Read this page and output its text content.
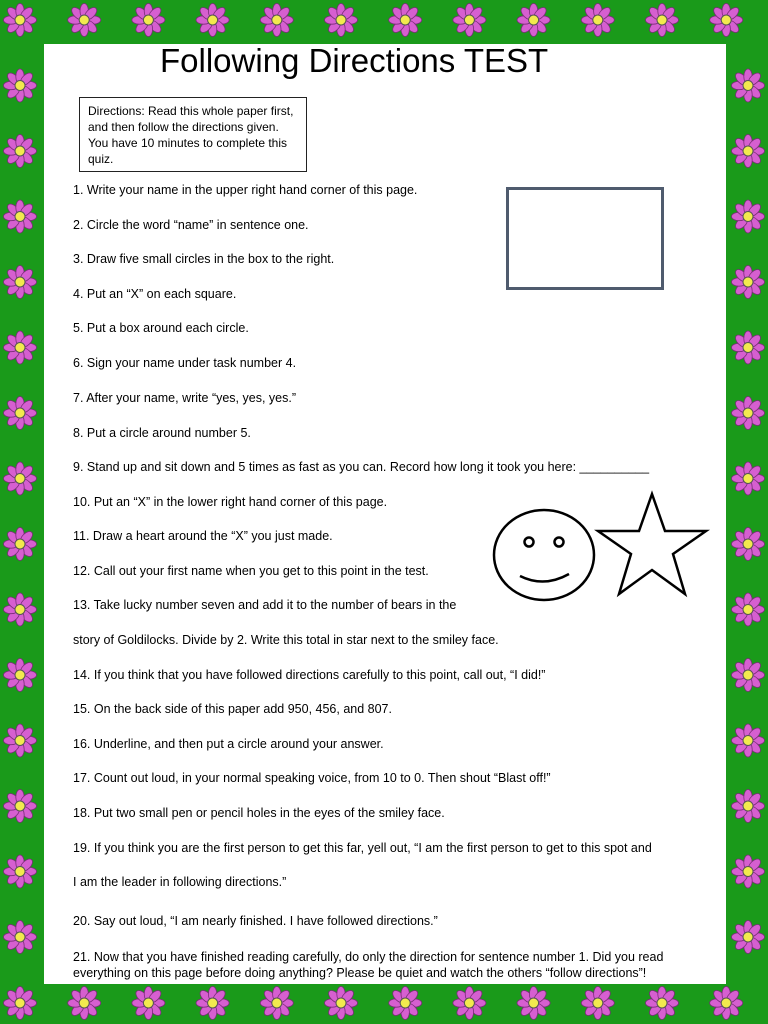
Following Directions TEST
Directions: Read this whole paper first, and then follow the directions given. You have 10 minutes to complete this quiz.
1. Write your name in the upper right hand corner of this page.
2. Circle the word “name” in sentence one.
3. Draw five small circles in the box to the right.
4. Put an “X” on each square.
5. Put a box around each circle.
6. Sign your name under task number 4.
7. After your name, write “yes, yes, yes.”
8. Put a circle around number 5.
9. Stand up and sit down and 5 times as fast as you can. Record how long it took you here: __________
10. Put an “X” in the lower right hand corner of this page.
11. Draw a heart around the “X” you just made.
12. Call out your first name when you get to this point in the test.
13. Take lucky number seven and add it to the number of bears in the
story of Goldilocks. Divide by 2. Write this total in star next to the smiley face.
14. If you think that you have followed directions carefully to this point, call out, “I did!”
15. On the back side of this paper add 950, 456, and 807.
16. Underline, and then put a circle around your answer.
17. Count out loud, in your normal speaking voice, from 10 to 0. Then shout “Blast off!”
18. Put two small pen or pencil holes in the eyes of the smiley face.
19. If you think you are the first person to get this far, yell out, “I am the first person to get to this spot and
I am the leader in following directions.”
20. Say out loud, “I am nearly finished. I have followed directions.”
21. Now that you have finished reading carefully, do only the direction for sentence number 1. Did you read
everything on this page before doing anything? Please be quiet and watch the others “follow directions”!
